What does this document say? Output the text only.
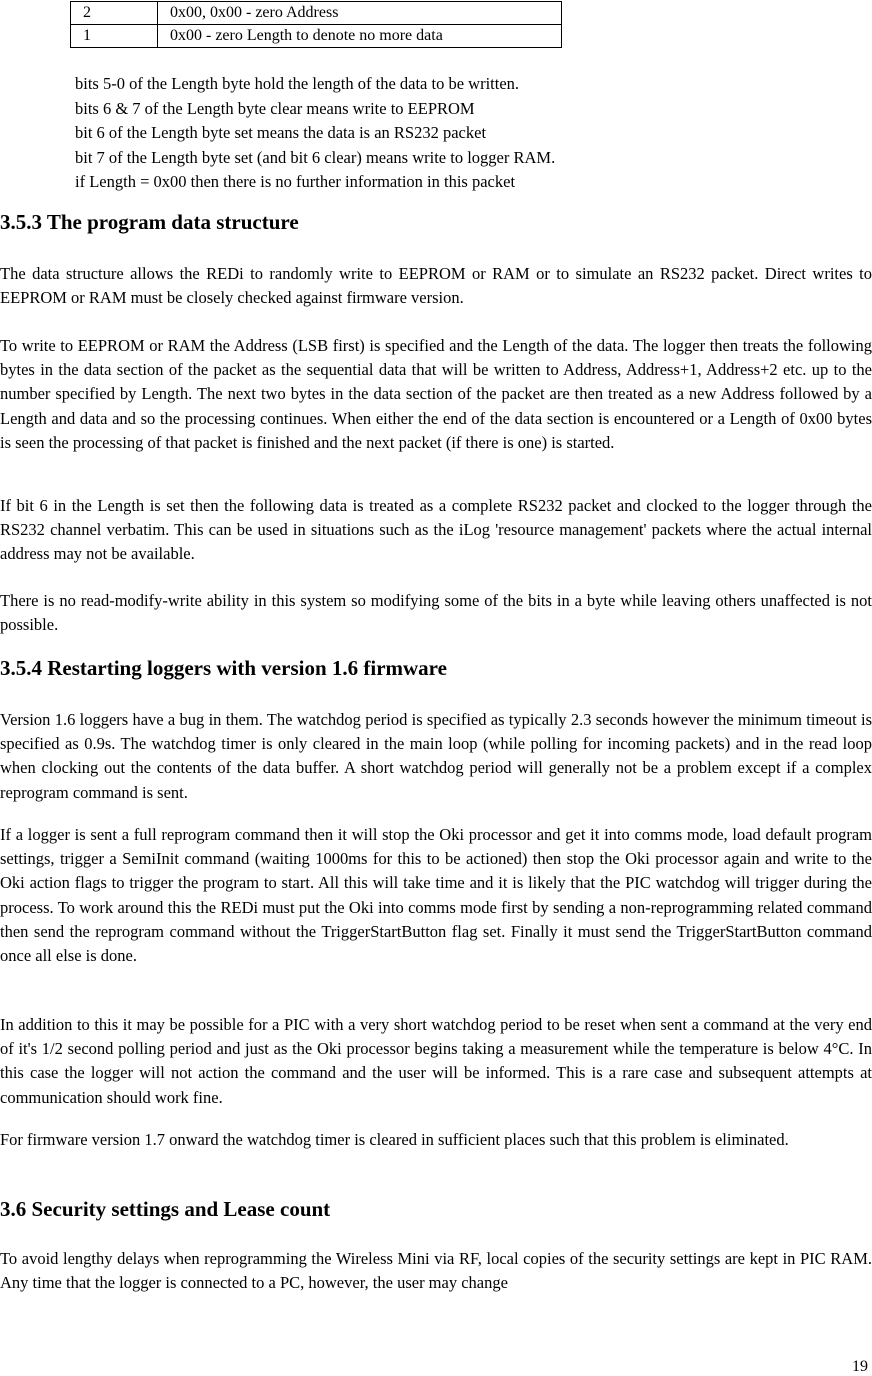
2	0x00, 0x00 - zero Address
1	0x00 - zero Length to denote no more data
bits 5-0 of the Length byte hold the length of the data to be written.
bits 6 & 7 of the Length byte clear means write to EEPROM
bit 6 of the Length byte set means the data is an RS232 packet
bit 7 of the Length byte set (and bit 6 clear) means write to logger RAM.
if Length = 0x00 then there is no further information in this packet
3.5.3 The program data structure

The data structure allows the REDi to randomly write to EEPROM or RAM or to simulate an RS232 packet. Direct writes to EEPROM or RAM must be closely checked against firmware version.

To write to EEPROM or RAM the Address (LSB first) is specified and the Length of the data. The logger then treats the following bytes in the data section of the packet as the sequential data that will be written to Address, Address+1, Address+2 etc. up to the number specified by Length. The next two bytes in the data section of the packet are then treated as a new Address followed by a Length and data and so the processing continues. When either the end of the data section is encountered or a Length of 0x00 bytes is seen the processing of that packet is finished and the next packet (if there is one) is started.

If bit 6 in the Length is set then the following data is treated as a complete RS232 packet and clocked to the logger through the RS232 channel verbatim. This can be used in situations such as the iLog 'resource management' packets where the actual internal address may not be available.

There is no read-modify-write ability in this system so modifying some of the bits in a byte while leaving others unaffected is not possible.

3.5.4 Restarting loggers with version 1.6 firmware

Version 1.6 loggers have a bug in them. The watchdog period is specified as typically 2.3 seconds however the minimum timeout is specified as 0.9s. The watchdog timer is only cleared in the main loop (while polling for incoming packets) and in the read loop when clocking out the contents of the data buffer. A short watchdog period will generally not be a problem except if a complex reprogram command is sent.

If a logger is sent a full reprogram command then it will stop the Oki processor and get it into comms mode, load default program settings, trigger a SemiInit command (waiting 1000ms for this to be actioned) then stop the Oki processor again and write to the Oki action flags to trigger the program to start. All this will take time and it is likely that the PIC watchdog will trigger during the process. To work around this the REDi must put the Oki into comms mode first by sending a non-reprogramming related command then send the reprogram command without the TriggerStartButton flag set. Finally it must send the TriggerStartButton command once all else is done.

In addition to this it may be possible for a PIC with a very short watchdog period to be reset when sent a command at the very end of it's 1/2 second polling period and just as the Oki processor begins taking a measurement while the temperature is below 4°C. In this case the logger will not action the command and the user will be informed. This is a rare case and subsequent attempts at communication should work fine.

For firmware version 1.7 onward the watchdog timer is cleared in sufficient places such that this problem is eliminated.

3.6 Security settings and Lease count

To avoid lengthy delays when reprogramming the Wireless Mini via RF, local copies of the security settings are kept in PIC RAM. Any time that the logger is connected to a PC, however, the user may change

19
